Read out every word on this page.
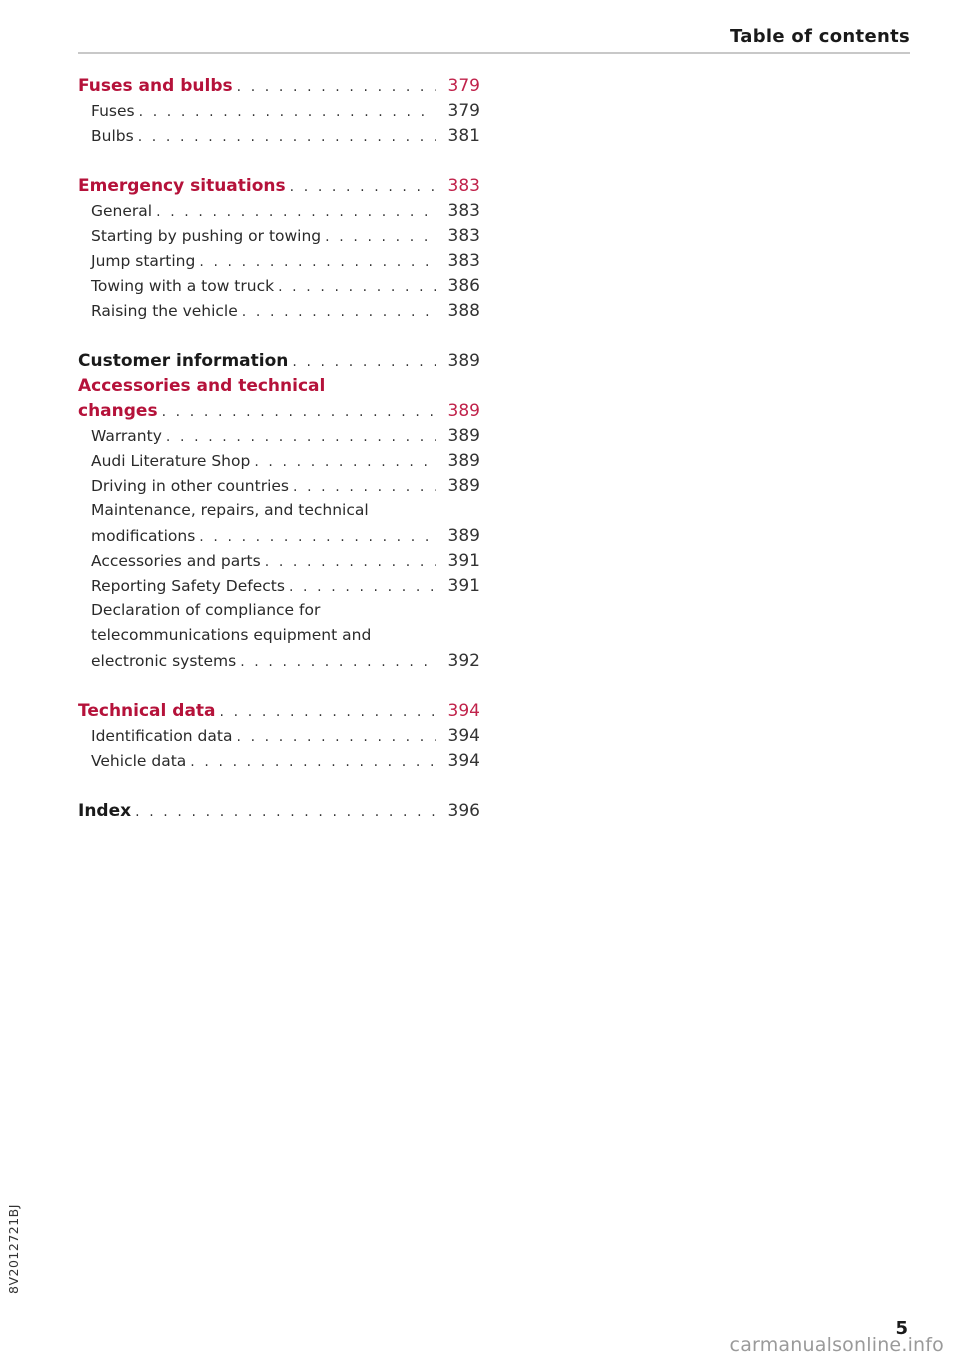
Table of contents
Fuses and bulbs . . .	379
Fuses . . .	379
Bulbs . . .	381
Emergency situations . . .	383
General . . .	383
Starting by pushing or towing . . .	383
Jump starting . . .	383
Towing with a tow truck . . .	386
Raising the vehicle . . .	388
Customer information . . .	389
Accessories and technical
changes . . .	389
Warranty . . .	389
Audi Literature Shop . . .	389
Driving in other countries . . .	389
Maintenance, repairs, and technical
modifications . . .	389
Accessories and parts . . .	391
Reporting Safety Defects . . .	391
Declaration of compliance for
telecommunications equipment and
electronic systems . . .	392
Technical data . . .	394
Identification data . . .	394
Vehicle data . . .	394
Index . . .	396
8V2012721BJ
5
carmanualsonline.info
